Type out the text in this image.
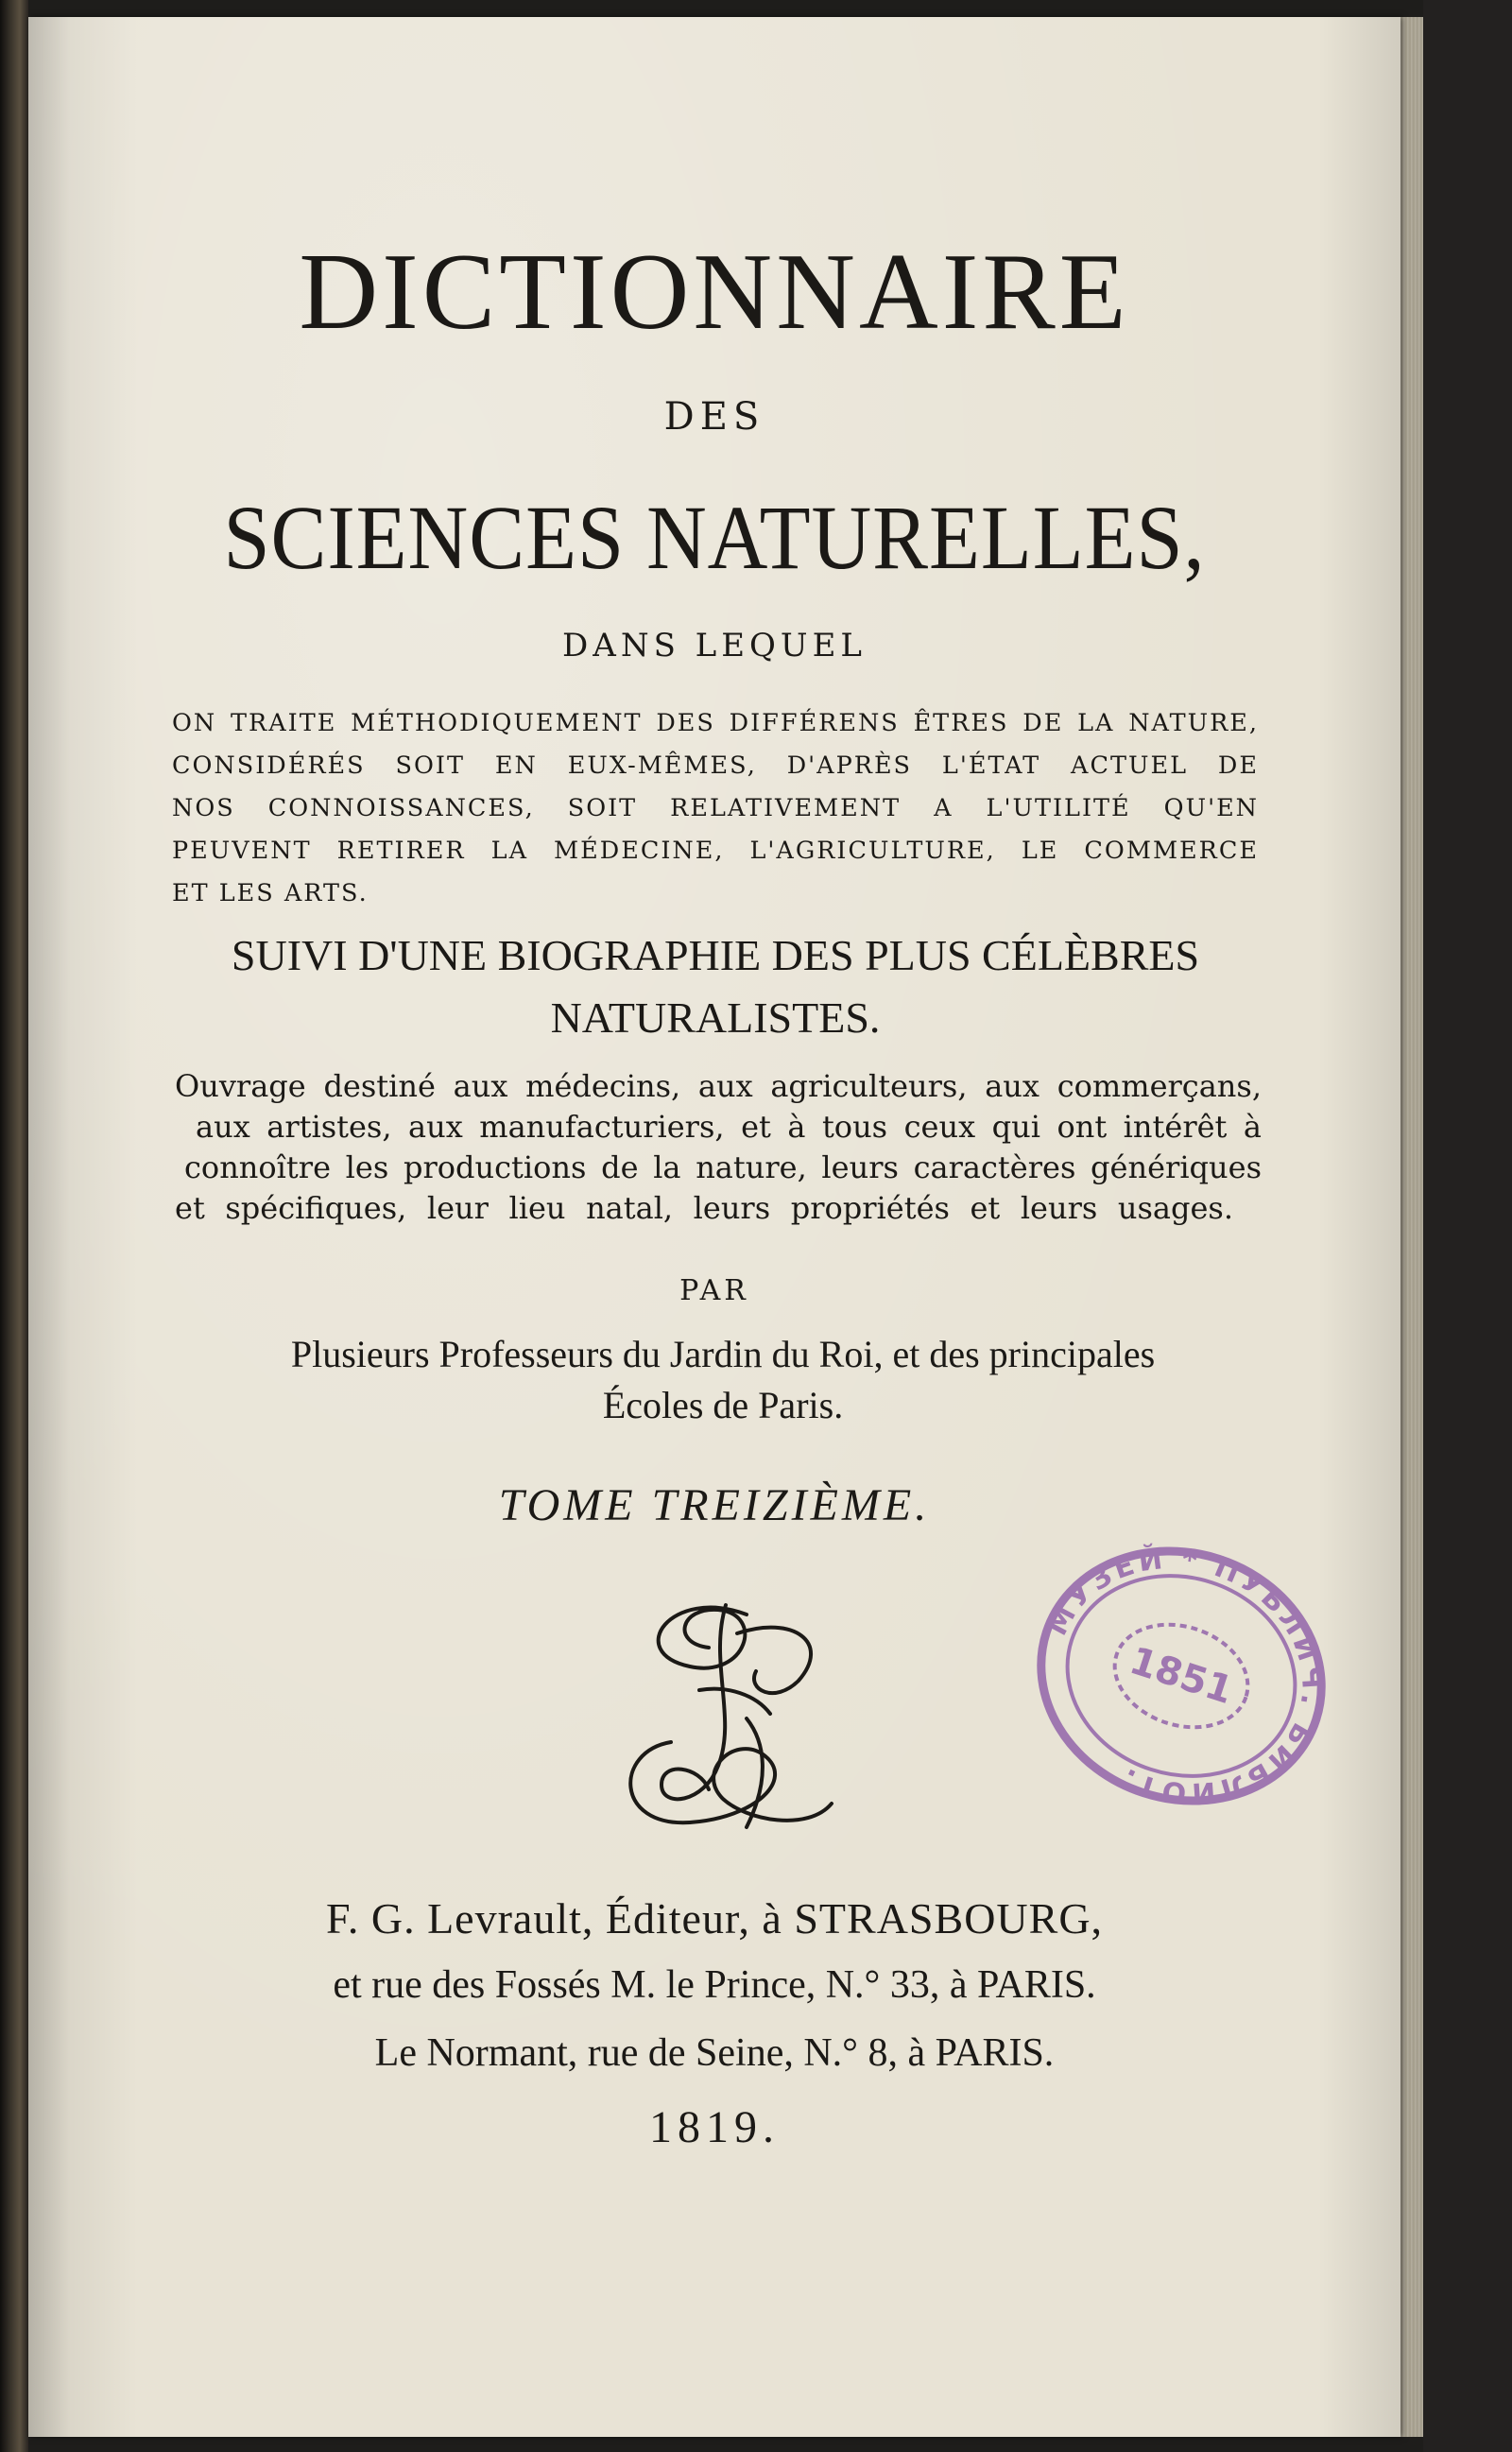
DICTIONNAIRE
DES
SCIENCES NATURELLES,
DANS LEQUEL
ON TRAITE MÉTHODIQUEMENT DES DIFFÉRENS ÊTRES DE LA NATURE,
CONSIDÉRÉS SOIT EN EUX-MÊMES, D'APRÈS L'ÉTAT ACTUEL DE
NOS CONNOISSANCES, SOIT RELATIVEMENT A L'UTILITÉ QU'EN
PEUVENT RETIRER LA MÉDECINE, L'AGRICULTURE, LE COMMERCE
ET LES ARTS.
SUIVI D'UNE BIOGRAPHIE DES PLUS CÉLÈBRES
NATURALISTES.
Ouvrage destiné aux médecins, aux agriculteurs, aux commerçans,
aux artistes, aux manufacturiers, et à tous ceux qui ont intérêt à
connoître les productions de la nature, leurs caractères génériques
et spécifiques, leur lieu natal, leurs propriétés et leurs usages.
PAR
Plusieurs Professeurs du Jardin du Roi, et des principales
Écoles de Paris.
TOME TREIZIÈME.
МУЗЕЙ * ПУБЛИЧ. БИБЛИОТ.
1851
F. G. Levrault, Éditeur, à STRASBOURG,
et rue des Fossés M. le Prince, N.° 33, à PARIS.
Le Normant, rue de Seine, N.° 8, à PARIS.
1819.
